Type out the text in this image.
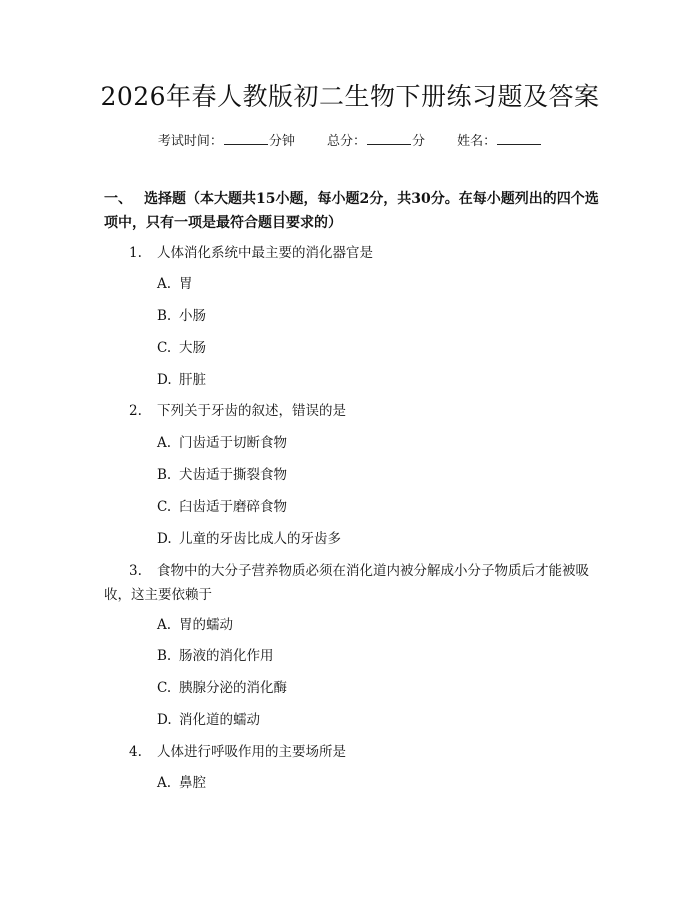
2026年春人教版初二生物下册练习题及答案
考试时间：	分钟 总分：	分 姓名：
一、 选择题（本大题共15小题，每小题2分，共30分。在每小题列出的四个选项中，只有一项是最符合题目要求的）
1. 人体消化系统中最主要的消化器官是
A. 胃
B. 小肠
C. 大肠
D. 肝脏
2. 下列关于牙齿的叙述，错误的是
A. 门齿适于切断食物
B. 犬齿适于撕裂食物
C. 臼齿适于磨碎食物
D. 儿童的牙齿比成人的牙齿多
3. 食物中的大分子营养物质必须在消化道内被分解成小分子物质后才能被吸收，这主要依赖于
A. 胃的蠕动
B. 肠液的消化作用
C. 胰腺分泌的消化酶
D. 消化道的蠕动
4. 人体进行呼吸作用的主要场所是
A. 鼻腔
